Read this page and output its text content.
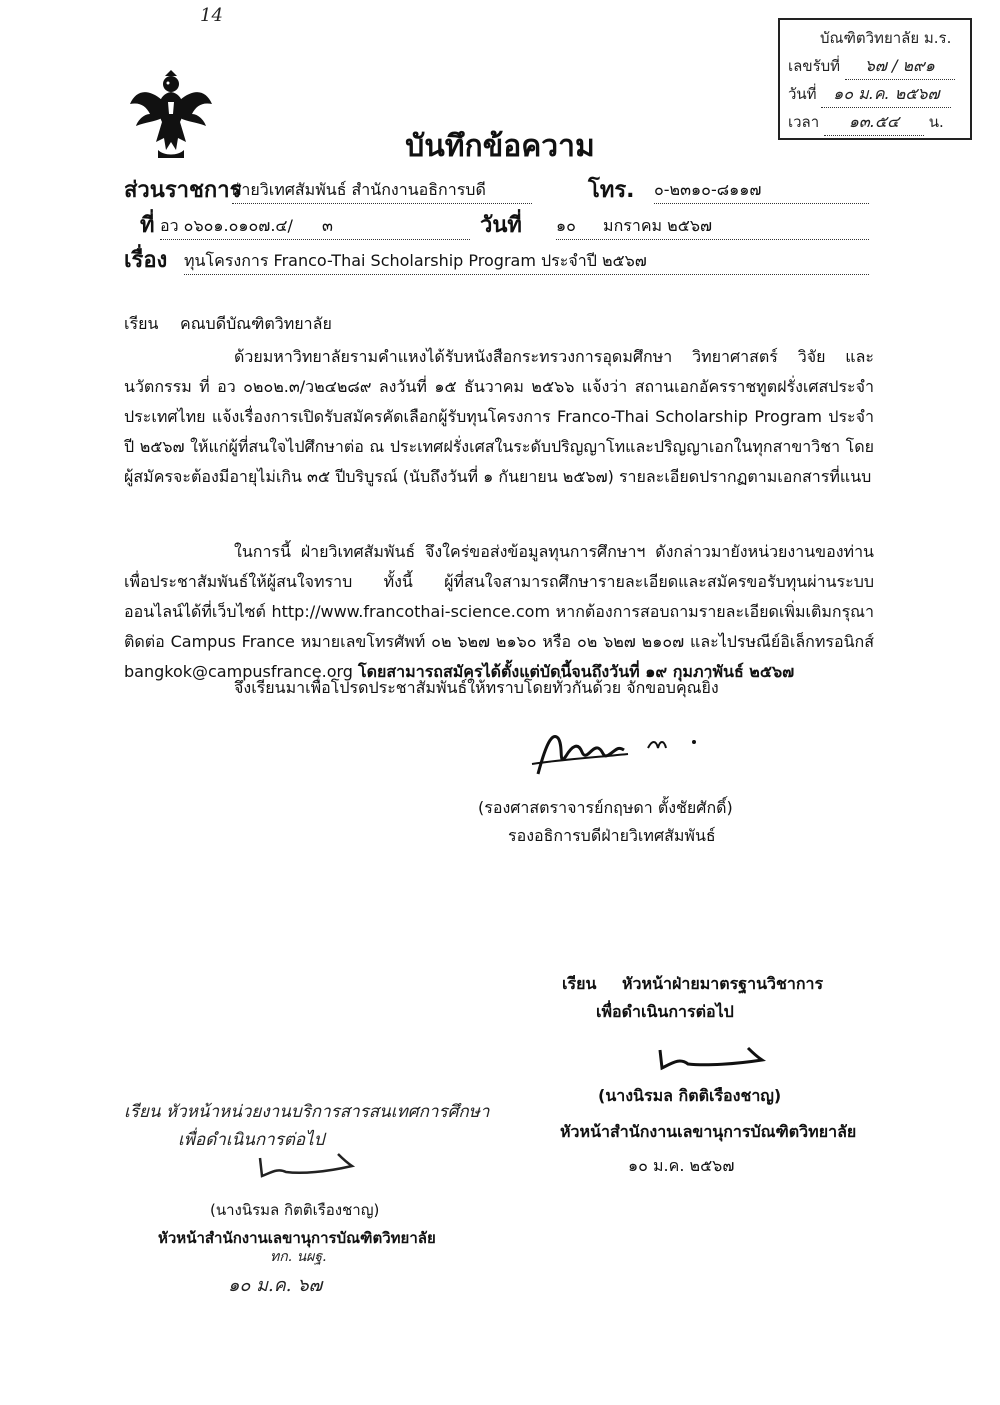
14
บัณฑิตวิทยาลัย ม.ร.
เลขรับที่ ๖๗ / ๒๙๑
วันที่ ๑๐ ม.ค. ๒๕๖๗
เวลา ๑๓.๕๔ น.
บันทึกข้อความ
ส่วนราชการ
ฝ่ายวิเทศสัมพันธ์ สำนักงานอธิการบดี	โทร. ๐-๒๓๑๐-๘๑๑๗
ที่ อว ๐๖๐๑.๐๑๐๗.๔/ ๓	วันที่ ๑๐ มกราคม ๒๕๖๗
เรื่อง ทุนโครงการ Franco-Thai Scholarship Program ประจำปี ๒๕๖๗
เรียน คณบดีบัณฑิตวิทยาลัย
ด้วยมหาวิทยาลัยรามคำแหงได้รับหนังสือกระทรวงการอุดมศึกษา วิทยาศาสตร์ วิจัย และนวัตกรรม ที่ อว ๐๒๐๒.๓/ว๒๔๒๘๙ ลงวันที่ ๑๕ ธันวาคม ๒๕๖๖ แจ้งว่า สถานเอกอัครราชทูตฝรั่งเศสประจำประเทศไทย แจ้งเรื่องการเปิดรับสมัครคัดเลือกผู้รับทุนโครงการ Franco-Thai Scholarship Program ประจำปี ๒๕๖๗ ให้แก่ผู้ที่สนใจไปศึกษาต่อ ณ ประเทศฝรั่งเศสในระดับปริญญาโทและปริญญาเอกในทุกสาขาวิชา โดยผู้สมัครจะต้องมีอายุไม่เกิน ๓๕ ปีบริบูรณ์ (นับถึงวันที่ ๑ กันยายน ๒๕๖๗) รายละเอียดปรากฏตามเอกสารที่แนบ
ในการนี้ ฝ่ายวิเทศสัมพันธ์ จึงใคร่ขอส่งข้อมูลทุนการศึกษาฯ ดังกล่าวมายังหน่วยงานของท่าน เพื่อประชาสัมพันธ์ให้ผู้สนใจทราบ ทั้งนี้ ผู้ที่สนใจสามารถศึกษารายละเอียดและสมัครขอรับทุนผ่านระบบออนไลน์ได้ที่เว็บไซต์ http://www.francothai-science.com หากต้องการสอบถามรายละเอียดเพิ่มเติมกรุณาติดต่อ Campus France หมายเลขโทรศัพท์ ๐๒ ๖๒๗ ๒๑๖๐ หรือ ๐๒ ๖๒๗ ๒๑๐๗ และไปรษณีย์อิเล็กทรอนิกส์ bangkok@campusfrance.org โดยสามารถสมัครได้ตั้งแต่บัดนี้จนถึงวันที่ ๑๙ กุมภาพันธ์ ๒๕๖๗
จึงเรียนมาเพื่อโปรดประชาสัมพันธ์ให้ทราบโดยทั่วกันด้วย จักขอบคุณยิ่ง
(รองศาสตราจารย์กฤษดา ตั้งชัยศักดิ์)
รองอธิการบดีฝ่ายวิเทศสัมพันธ์
เรียน หัวหน้าฝ่ายมาตรฐานวิชาการ
เพื่อดำเนินการต่อไป
(นางนิรมล กิตติเรืองชาญ)
หัวหน้าสำนักงานเลขานุการบัณฑิตวิทยาลัย
๑๐ ม.ค. ๒๕๖๗
เรียน หัวหน้าหน่วยงานบริการสารสนเทศการศึกษา
เพื่อดำเนินการต่อไป
(นางนิรมล กิตติเรืองชาญ)
หัวหน้าสำนักงานเลขานุการบัณฑิตวิทยาลัย
ทก. นผฐ.
๑๐ ม.ค. ๖๗
